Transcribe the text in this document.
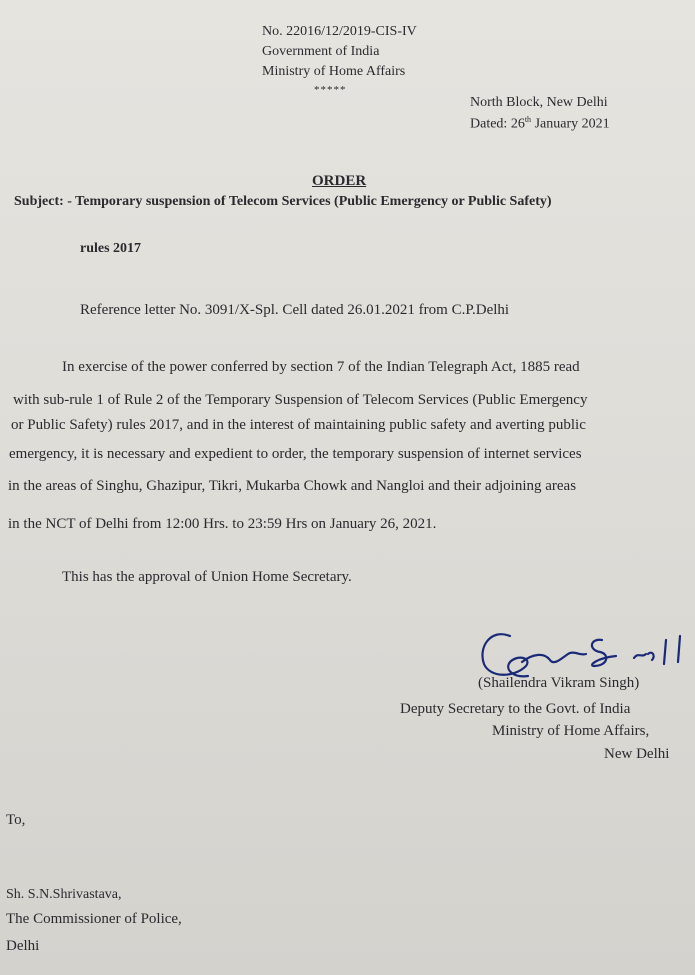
No. 22016/12/2019-CIS-IV
Government of India
Ministry of Home Affairs
*****
North Block, New Delhi
Dated: 26th January 2021
ORDER
Subject: - Temporary suspension of Telecom Services (Public Emergency or Public Safety)
rules 2017
Reference letter No. 3091/X-Spl. Cell dated 26.01.2021 from C.P.Delhi
In exercise of the power conferred by section 7 of the Indian Telegraph Act, 1885 read
with sub-rule 1 of Rule 2 of the Temporary Suspension of Telecom Services (Public Emergency
or Public Safety) rules 2017, and in the interest of maintaining public safety and averting public
emergency, it is necessary and expedient to order, the temporary suspension of internet services
in the areas of Singhu, Ghazipur, Tikri, Mukarba Chowk and Nangloi and their adjoining areas
in the NCT of Delhi from 12:00 Hrs. to 23:59 Hrs on January 26, 2021.
This has the approval of Union Home Secretary.
(Shailendra Vikram Singh)
Deputy Secretary to the Govt. of India
Ministry of Home Affairs,
New Delhi
To,
Sh. S.N.Shrivastava,
The Commissioner of Police,
Delhi
